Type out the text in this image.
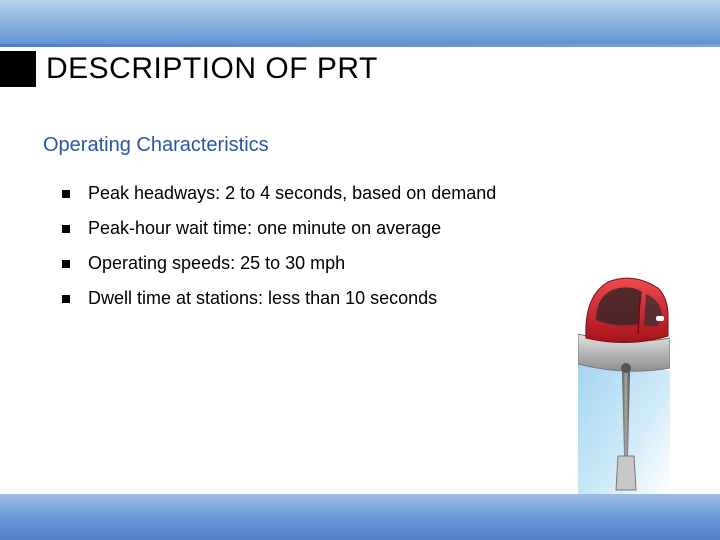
DESCRIPTION OF PRT
Operating Characteristics
Peak headways: 2 to 4 seconds, based on demand
Peak-hour wait time: one minute on average
Operating speeds: 25 to 30 mph
Dwell time at stations: less than 10 seconds
